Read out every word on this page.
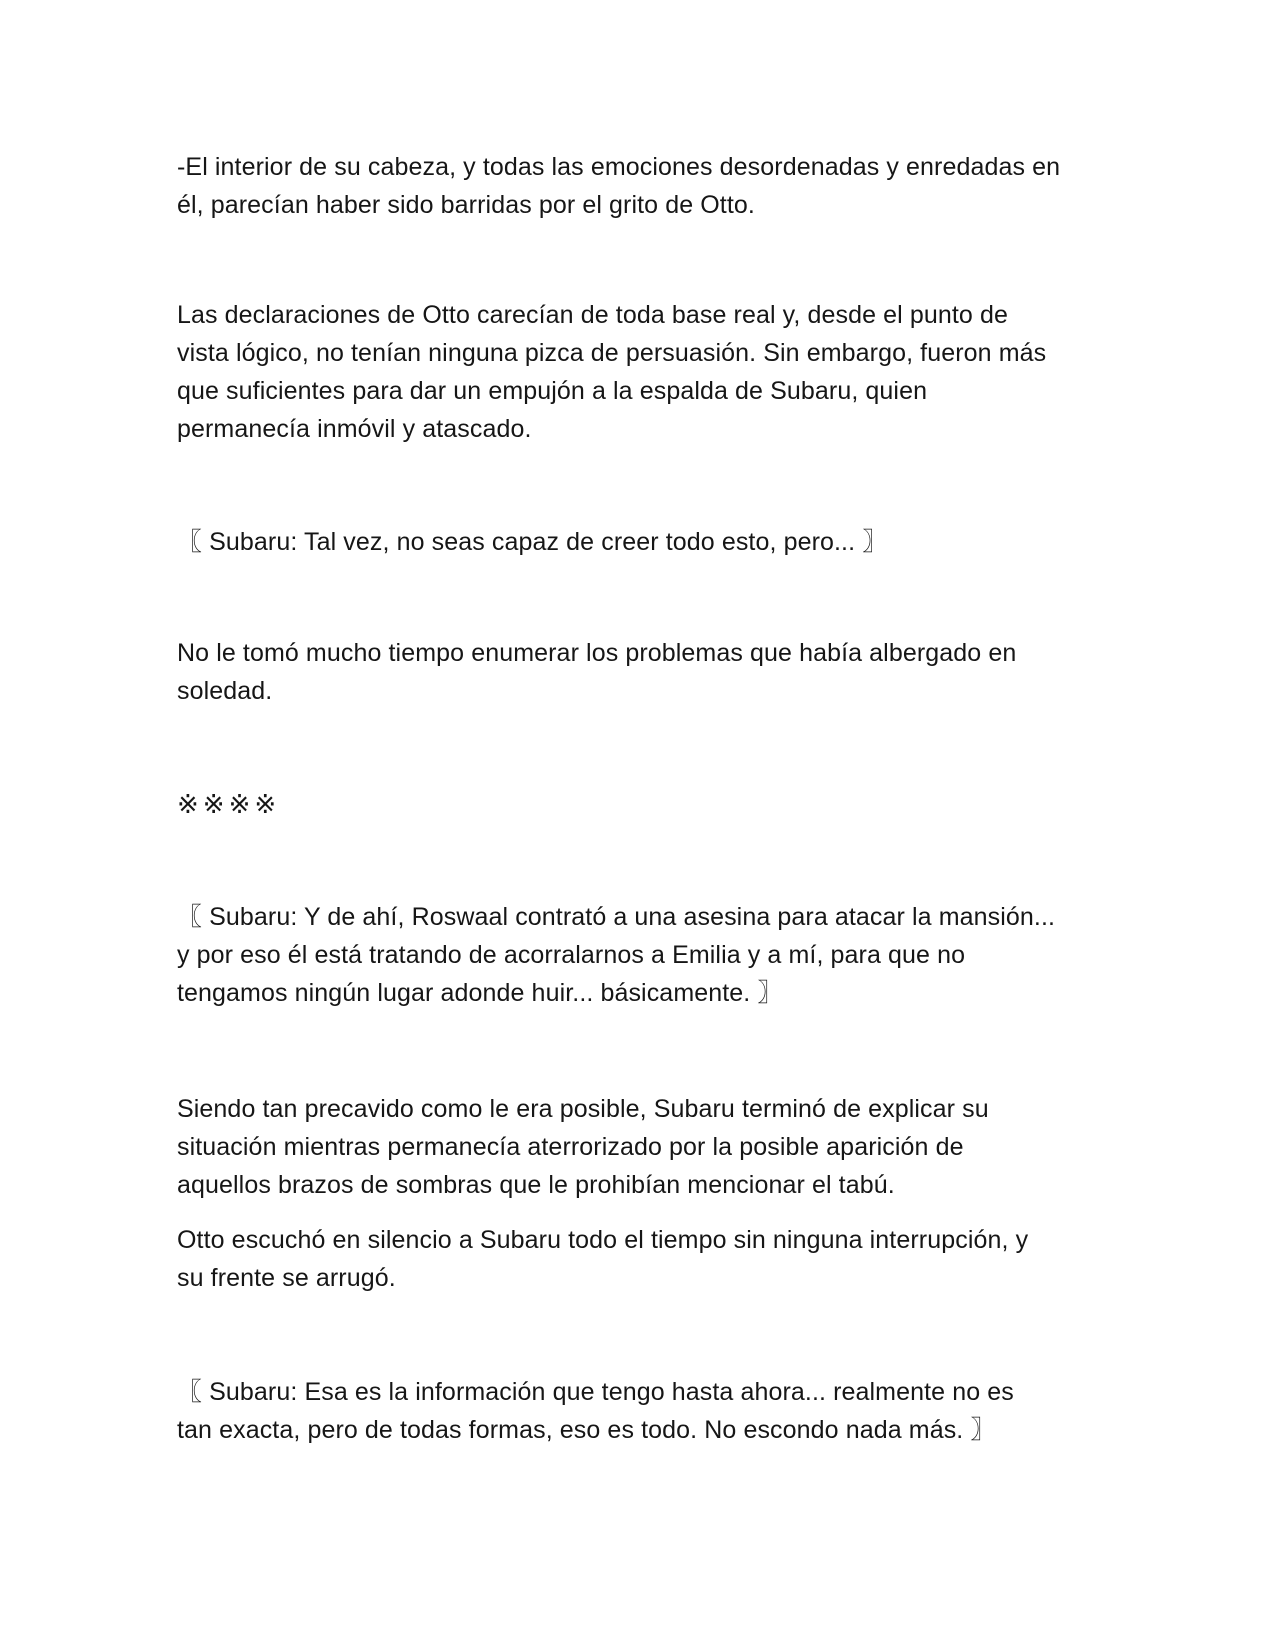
-El interior de su cabeza, y todas las emociones desordenadas y enredadas en
él, parecían haber sido barridas por el grito de Otto.

Las declaraciones de Otto carecían de toda base real y, desde el punto de
vista lógico, no tenían ninguna pizca de persuasión. Sin embargo, fueron más
que suficientes para dar un empujón a la espalda de Subaru, quien
permanecía inmóvil y atascado.

〖 Subaru: Tal vez, no seas capaz de creer todo esto, pero... 〗

No le tomó mucho tiempo enumerar los problemas que había albergado en
soledad.

※※※※

〖 Subaru: Y de ahí, Roswaal contrató a una asesina para atacar la mansión...
y por eso él está tratando de acorralarnos a Emilia y a mí, para que no
tengamos ningún lugar adonde huir... básicamente. 〗

Siendo tan precavido como le era posible, Subaru terminó de explicar su
situación mientras permanecía aterrorizado por la posible aparición de
aquellos brazos de sombras que le prohibían mencionar el tabú.

Otto escuchó en silencio a Subaru todo el tiempo sin ninguna interrupción, y
su frente se arrugó.

〖 Subaru: Esa es la información que tengo hasta ahora... realmente no es
tan exacta, pero de todas formas, eso es todo. No escondo nada más. 〗
